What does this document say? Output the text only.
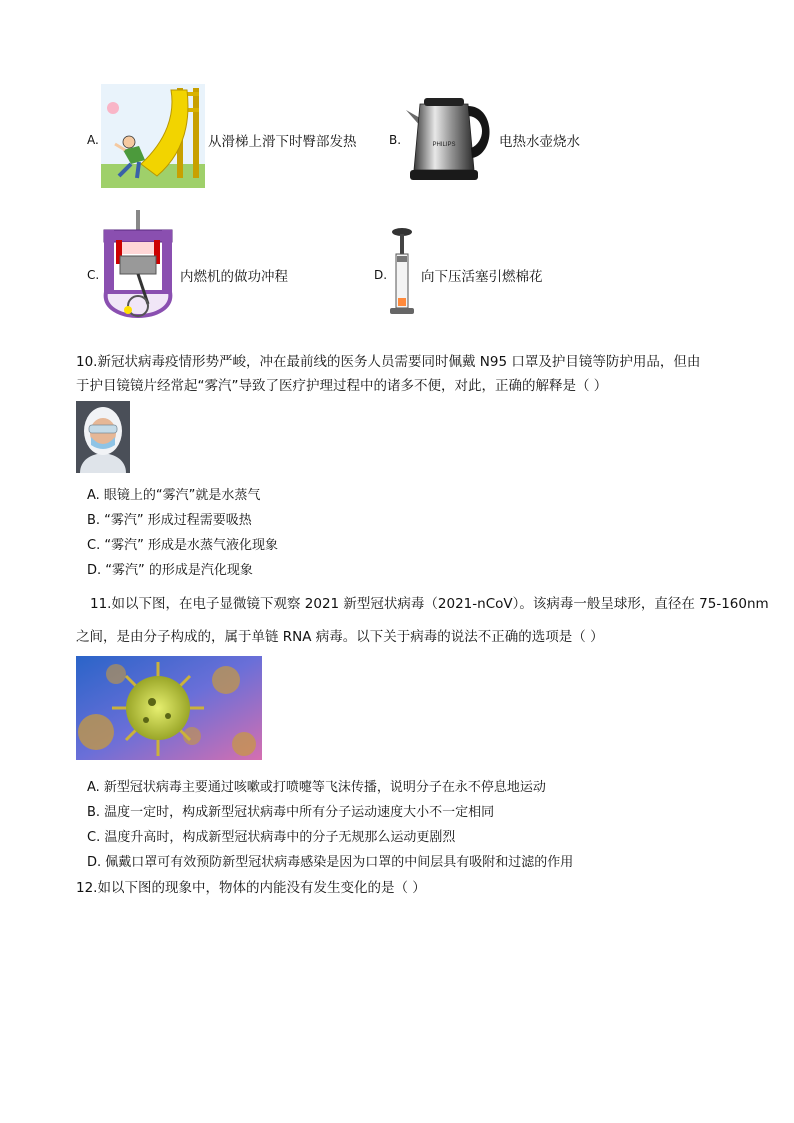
A.	从滑梯上滑下时臀部发热	B.	PHILIPS	电热水壶烧水
C.	内燃机的做功冲程	D.	向下压活塞引燃棉花
10.新冠状病毒疫情形势严峻，冲在最前线的医务人员需要同时佩戴 N95 口罩及护目镜等防护用品，但由
于护目镜镜片经常起“雾汽”导致了医疗护理过程中的诸多不便，对此，正确的解释是（ ）
A. 眼镜上的“雾汽”就是水蒸气
B. “雾汽” 形成过程需要吸热
C. “雾汽” 形成是水蒸气液化现象
D. “雾汽” 的形成是汽化现象
11.如以下图，在电子显微镜下观察 2021 新型冠状病毒（2021-nCoV）。该病毒一般呈球形，直径在 75-160nm
之间，是由分子构成的，属于单链 RNA 病毒。以下关于病毒的说法不正确的选项是（ ）
A. 新型冠状病毒主要通过咳嗽或打喷嚏等飞沫传播，说明分子在永不停息地运动
B. 温度一定时，构成新型冠状病毒中所有分子运动速度大小不一定相同
C. 温度升高时，构成新型冠状病毒中的分子无规那么运动更剧烈
D. 佩戴口罩可有效预防新型冠状病毒感染是因为口罩的中间层具有吸附和过滤的作用
12.如以下图的现象中，物体的内能没有发生变化的是（ ）
